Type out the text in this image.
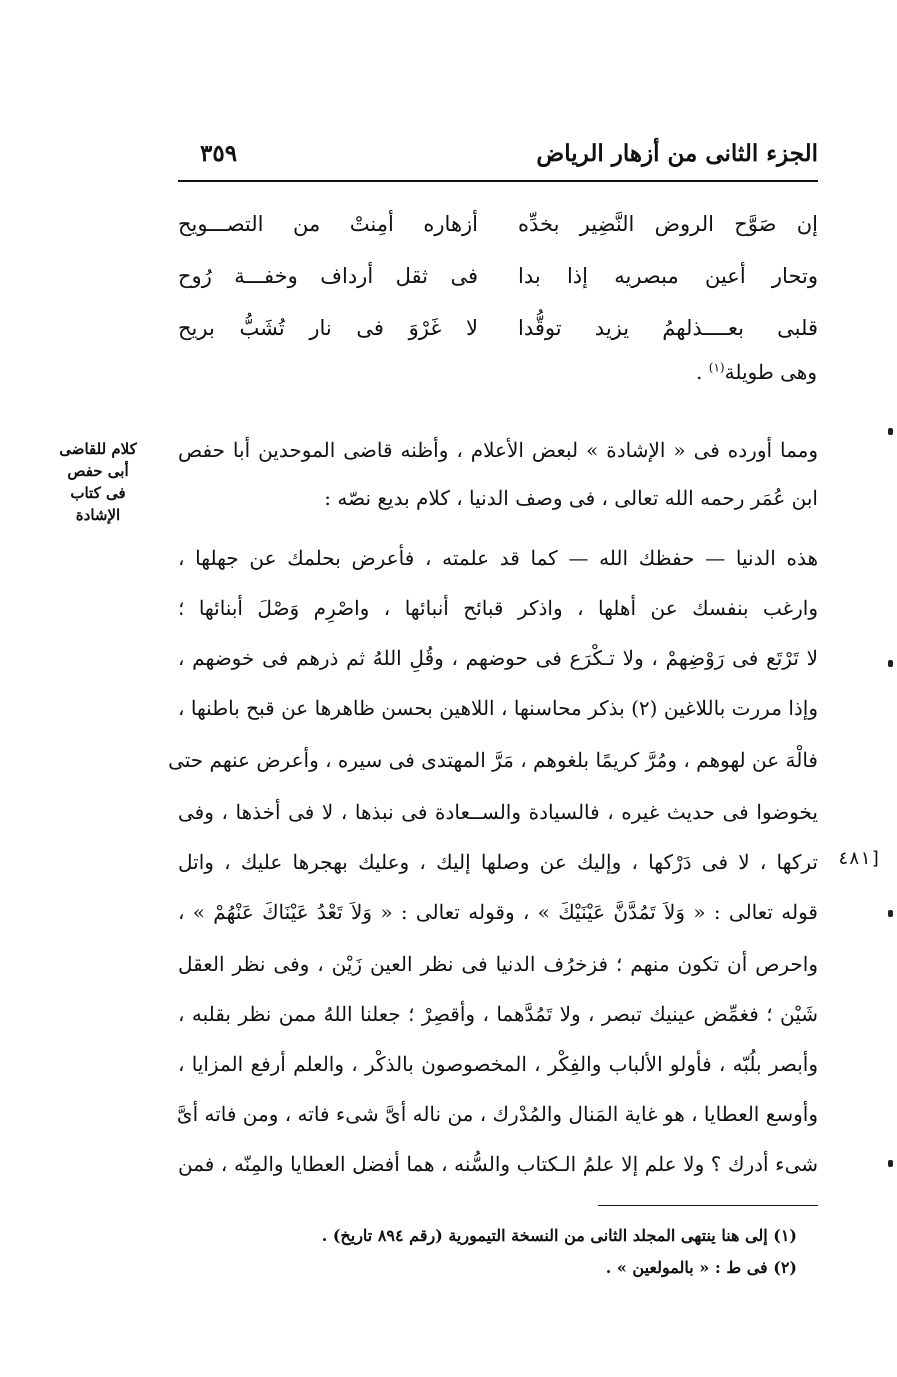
الجزء الثانى من أزهار الرياض
٣٥٩
إن صَوَّح الروض النَّضِير بخدِّه
أزهاره أمِنتْ من التصـــويح
وتحار أعين مبصريه إذا بدا
فى ثقل أرداف وخفـــة رُوح
قلبى بعــــذلهمُ يزيد توقُّدا
لا غَرْوَ فى نار تُشَبُّ بريح
وهى طويلة$^{(١)}$ .
كلام للقاضى
أبى حفص
فى كتاب
الإشادة
[٤٨١
ومما أورده فى « الإشادة » لبعض الأعلام ، وأظنه قاضى الموحدين أبا حفص
ابن عُمَر رحمه الله تعالى ، فى وصف الدنيا ، كلام بديع نصّه :
هذه الدنيا — حفظك الله — كما قد علمته ، فأعرض بحلمك عن جهلها ،
وارغب بنفسك عن أهلها ، واذكر قبائح أنبائها ، واصْرِم وَصْلَ أبنائها ؛
لا تَرْتَع فى رَوْضِهمْ ، ولا تـكْرَع فى حوضهم ، وقُلِ اللهُ ثم ذرهم فى خوضهم ،
وإذا مررت باللاغين (٢) بذكر محاسنها ، اللاهين بحسن ظاهرها عن قبح باطنها ،
فالْهَ عن لهوهم ، ومُرَّ كريمًا بلغوهم ، مَرَّ المهتدى فى سيره ، وأعرض عنهم حتى
يخوضوا فى حديث غيره ، فالسيادة والســعادة فى نبذها ، لا فى أخذها ، وفى
تركها ، لا فى دَرْكها ، وإليك عن وصلها إليك ، وعليك بهجرها عليك ، واتل
قوله تعالى : « وَلاَ تَمُدَّنَّ عَيْنَيْكَ » ، وقوله تعالى : « وَلاَ تَعْدُ عَيْنَاكَ عَنْهُمْ » ،
واحرص أن تكون منهم ؛ فزخرُف الدنيا فى نظر العين زَيْن ، وفى نظر العقل
شَيْن ؛ فغمِّض عينيك تبصر ، ولا تَمُدَّهما ، وأقصِرْ ؛ جعلنا اللهُ ممن نظر بقلبه ،
وأبصر بلُبّه ، فأولو الألباب والفِكْر ، المخصوصون بالذكْر ، والعلم أرفع المزايا ،
وأوسع العطايا ، هو غاية المَنال والمُدْرك ، من ناله أىَّ شىء فاته ، ومن فاته أىَّ
شىء أدرك ؟ ولا علم إلا علمُ الـكتاب والسُّنه ، هما أفضل العطايا والمِنّه ، فمن
(١) إلى هنا ينتهى المجلد الثانى من النسخة التيمورية (رقم ٨٩٤ تاريخ) .
(٢) فى ط : « بالمولعين » .
